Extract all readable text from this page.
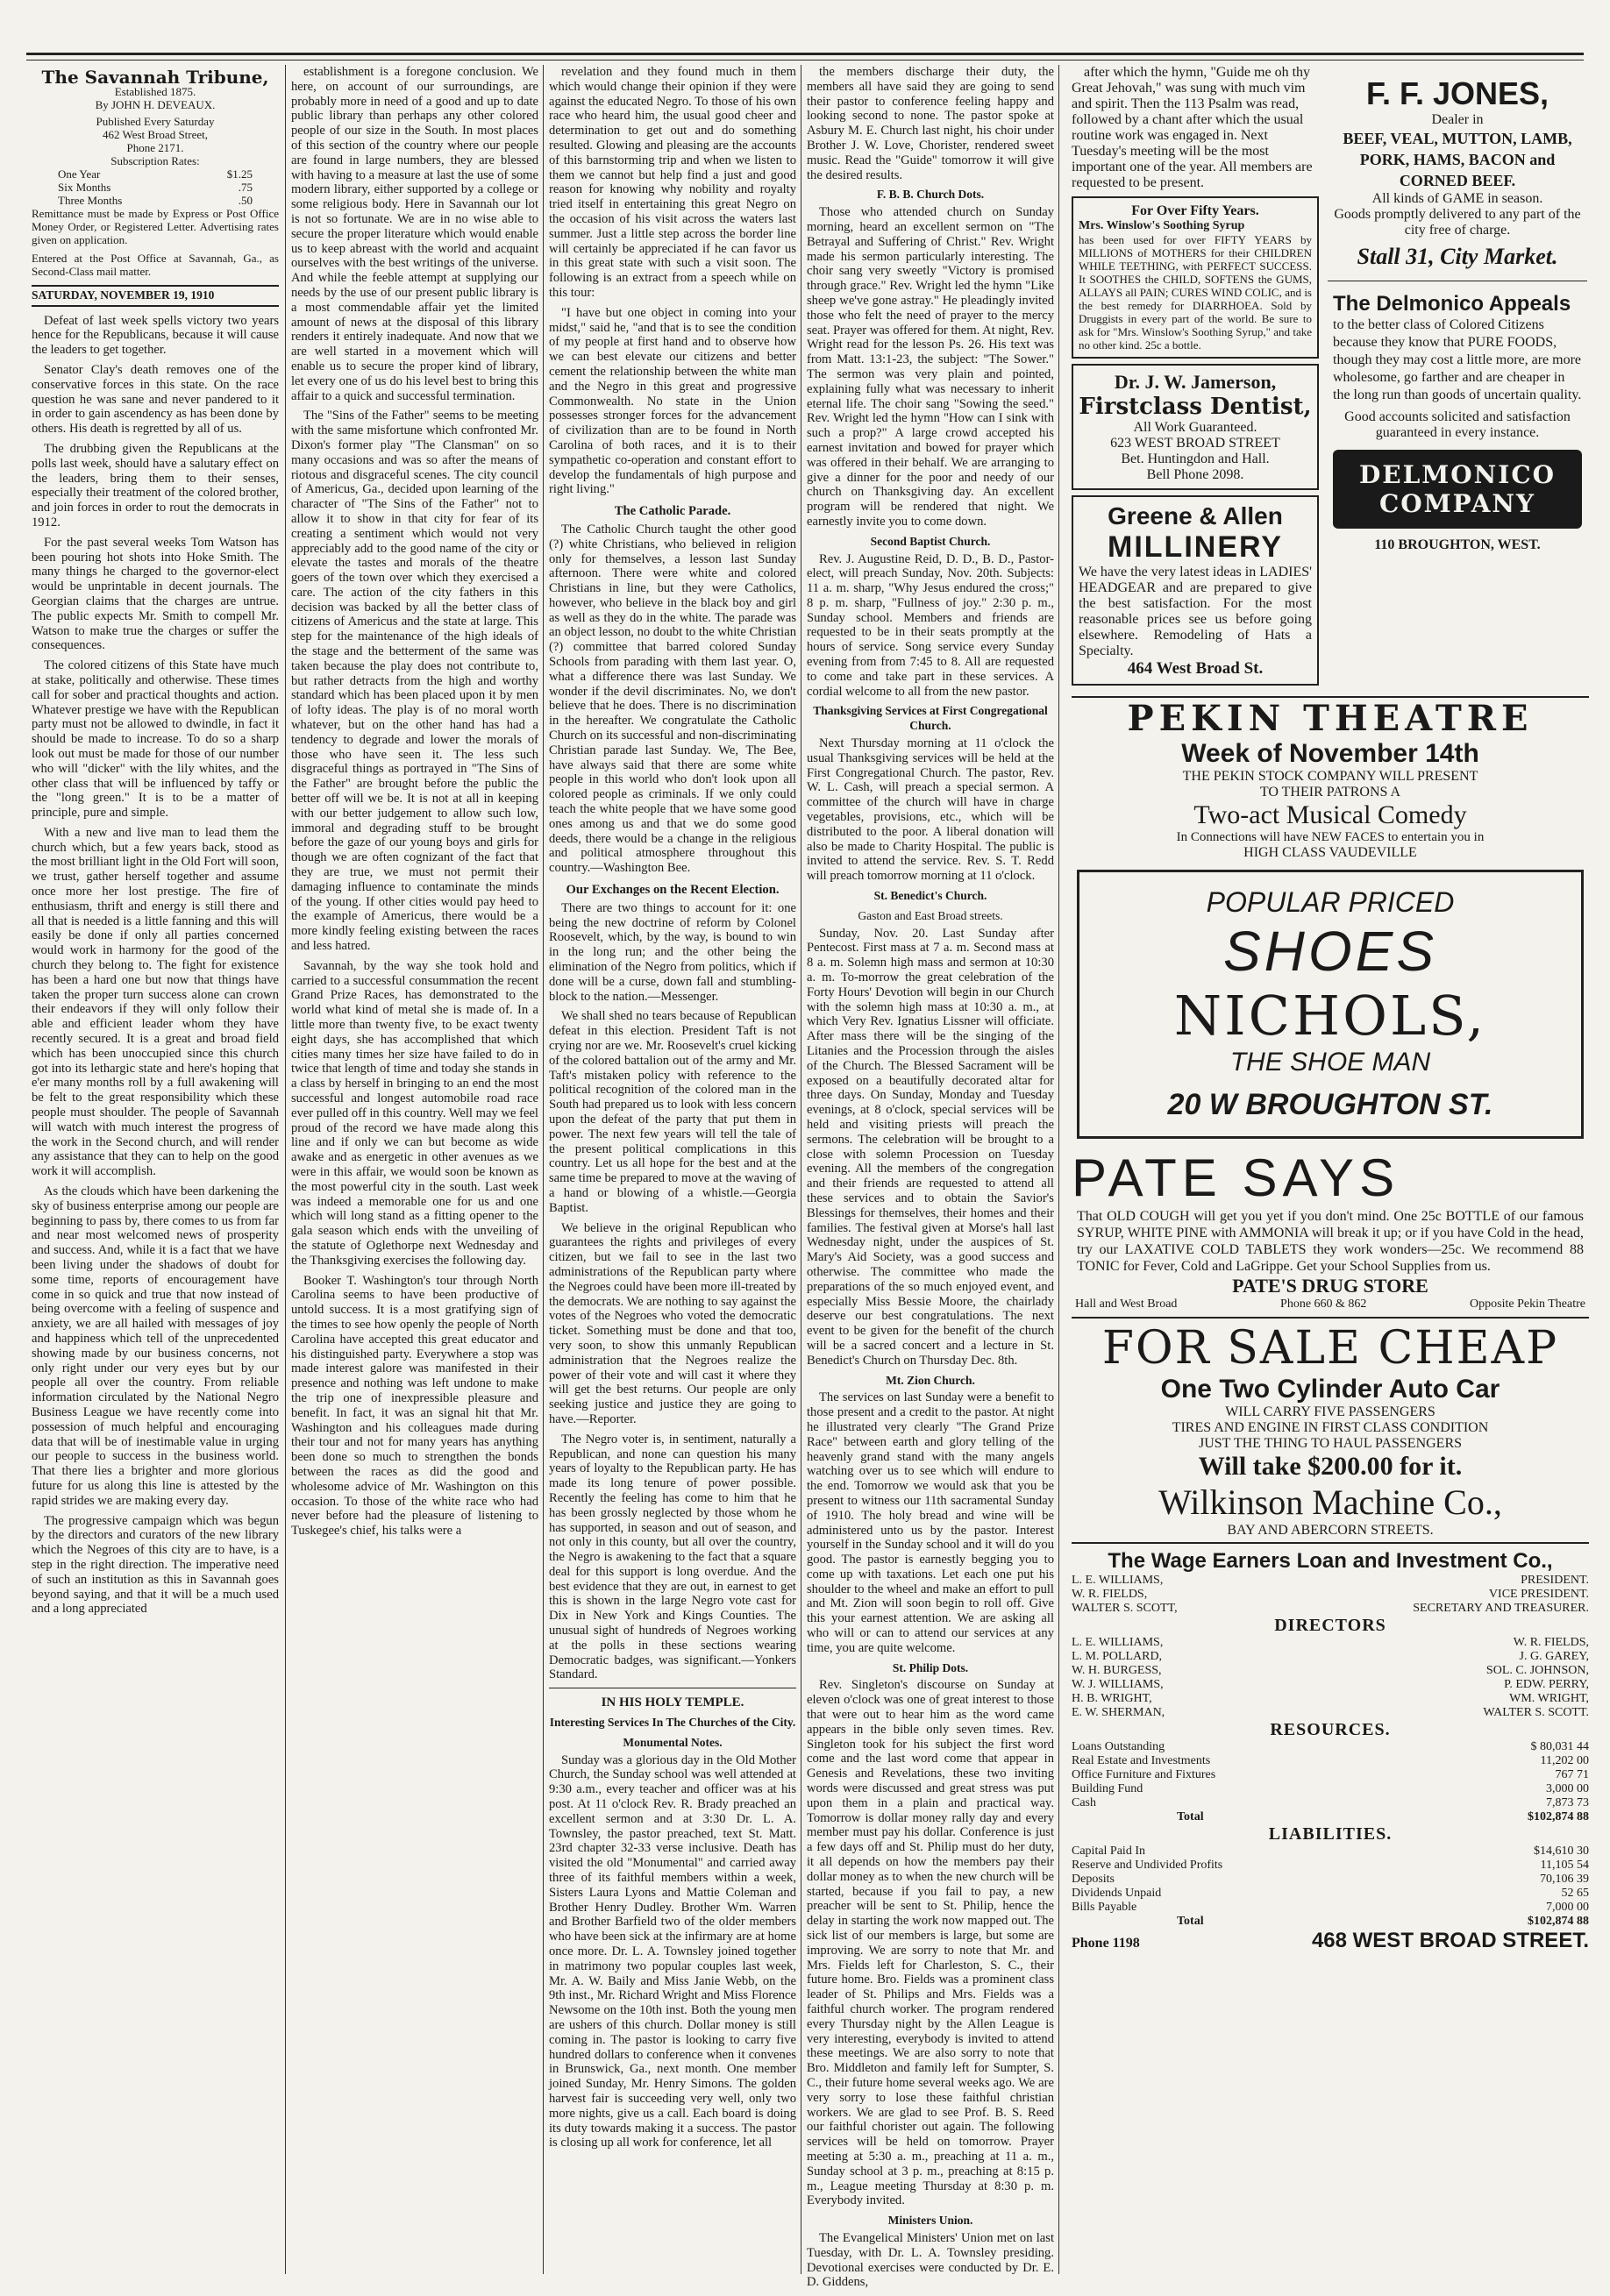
The Savannah Tribune,
Established 1875.
By JOHN H. DEVEAUX.
Published Every Saturday
462 West Broad Street,
Phone 2171.
Subscription Rates:
One Year	$1.25
Six Months	.75
Three Months	.50
Remittance must be made by Express or Post Office Money Order, or Registered Letter. Advertising rates given on application.
Entered at the Post Office at Savannah, Ga., as Second-Class mail matter.
SATURDAY, NOVEMBER 19, 1910

Defeat of last week spells victory two years hence for the Republicans, because it will cause the leaders to get together.

Senator Clay's death removes one of the conservative forces in this state. On the race question he was sane and never pandered to it in order to gain ascendency as has been done by others. His death is regretted by all of us.

The drubbing given the Republicans at the polls last week, should have a salutary effect on the leaders, bring them to their senses, especially their treatment of the colored brother, and join forces in order to rout the democrats in 1912.

For the past several weeks Tom Watson has been pouring hot shots into Hoke Smith. The many things he charged to the governor-elect would be unprintable in decent journals. The Georgian claims that the charges are untrue. The public expects Mr. Smith to compell Mr. Watson to make true the charges or suffer the consequences.

The colored citizens of this State have much at stake, politically and otherwise. These times call for sober and practical thoughts and action. Whatever prestige we have with the Republican party must not be allowed to dwindle, in fact it should be made to increase. To do so a sharp look out must be made for those of our number who will "dicker" with the lily whites, and the other class that will be influenced by taffy or the "long green." It is to be a matter of principle, pure and simple.

With a new and live man to lead them the church which, but a few years back, stood as the most brilliant light in the Old Fort will soon, we trust, gather herself together and assume once more her lost prestige. The fire of enthusiasm, thrift and energy is still there and all that is needed is a little fanning and this will easily be done if only all parties concerned would work in harmony for the good of the church they belong to. The fight for existence has been a hard one but now that things have taken the proper turn success alone can crown their endeavors if they will only follow their able and efficient leader whom they have recently secured. It is a great and broad field which has been unoccupied since this church got into its lethargic state and here's hoping that e'er many months roll by a full awakening will be felt to the great responsibility which these people must shoulder. The people of Savannah will watch with much interest the progress of the work in the Second church, and will render any assistance that they can to help on the good work it will accomplish.

As the clouds which have been darkening the sky of business enterprise among our people are beginning to pass by, there comes to us from far and near most welcomed news of prosperity and success. And, while it is a fact that we have been living under the shadows of doubt for some time, reports of encouragement have come in so quick and true that now instead of being overcome with a feeling of suspence and anxiety, we are all hailed with messages of joy and happiness which tell of the unprecedented showing made by our business concerns, not only right under our very eyes but by our people all over the country. From reliable information circulated by the National Negro Business League we have recently come into possession of much helpful and encouraging data that will be of inestimable value in urging our people to success in the business world. That there lies a brighter and more glorious future for us along this line is attested by the rapid strides we are making every day.

The progressive campaign which was begun by the directors and curators of the new library which the Negroes of this city are to have, is a step in the right direction. The imperative need of such an institution as this in Savannah goes beyond saying, and that it will be a much used and a long appreciated

establishment is a foregone conclusion. We here, on account of our surroundings, are probably more in need of a good and up to date public library than perhaps any other colored people of our size in the South. In most places of this section of the country where our people are found in large numbers, they are blessed with having to a measure at last the use of some modern library, either supported by a college or some religious body. Here in Savannah our lot is not so fortunate. We are in no wise able to secure the proper literature which would enable us to keep abreast with the world and acquaint ourselves with the best writings of the universe. And while the feeble attempt at supplying our needs by the use of our present public library is a most commendable affair yet the limited amount of news at the disposal of this library renders it entirely inadequate. And now that we are well started in a movement which will enable us to secure the proper kind of library, let every one of us do his level best to bring this affair to a quick and successful termination.

The "Sins of the Father" seems to be meeting with the same misfortune which confronted Mr. Dixon's former play "The Clansman" on so many occasions and was so after the means of riotous and disgraceful scenes. The city council of Americus, Ga., decided upon learning of the character of "The Sins of the Father" not to allow it to show in that city for fear of its creating a sentiment which would not very appreciably add to the good name of the city or elevate the tastes and morals of the theatre goers of the town over which they exercised a care. The action of the city fathers in this decision was backed by all the better class of citizens of Americus and the state at large. This step for the maintenance of the high ideals of the stage and the betterment of the same was taken because the play does not contribute to, but rather detracts from the high and worthy standard which has been placed upon it by men of lofty ideas. The play is of no moral worth whatever, but on the other hand has had a tendency to degrade and lower the morals of those who have seen it. The less such disgraceful things as portrayed in "The Sins of the Father" are brought before the public the better off will we be. It is not at all in keeping with our better judgement to allow such low, immoral and degrading stuff to be brought before the gaze of our young boys and girls for though we are often cognizant of the fact that they are true, we must not permit their damaging influence to contaminate the minds of the young. If other cities would pay heed to the example of Americus, there would be a more kindly feeling existing between the races and less hatred.

Savannah, by the way she took hold and carried to a successful consummation the recent Grand Prize Races, has demonstrated to the world what kind of metal she is made of. In a little more than twenty five, to be exact twenty eight days, she has accomplished that which cities many times her size have failed to do in twice that length of time and today she stands in a class by herself in bringing to an end the most successful and longest automobile road race ever pulled off in this country. Well may we feel proud of the record we have made along this line and if only we can but become as wide awake and as energetic in other avenues as we were in this affair, we would soon be known as the most powerful city in the south. Last week was indeed a memorable one for us and one which will long stand as a fitting opener to the gala season which ends with the unveiling of the statute of Oglethorpe next Wednesday and the Thanksgiving exercises the following day.

Booker T. Washington's tour through North Carolina seems to have been productive of untold success. It is a most gratifying sign of the times to see how openly the people of North Carolina have accepted this great educator and his distinguished party. Everywhere a stop was made interest galore was manifested in their presence and nothing was left undone to make the trip one of inexpressible pleasure and benefit. In fact, it was an signal hit that Mr. Washington and his colleagues made during their tour and not for many years has anything been done so much to strengthen the bonds between the races as did the good and wholesome advice of Mr. Washington on this occasion. To those of the white race who had never before had the pleasure of listening to Tuskegee's chief, his talks were a

revelation and they found much in them which would change their opinion if they were against the educated Negro. To those of his own race who heard him, the usual good cheer and determination to get out and do something resulted. Glowing and pleasing are the accounts of this barnstorming trip and when we listen to them we cannot but help find a just and good reason for knowing why nobility and royalty tried itself in entertaining this great Negro on the occasion of his visit across the waters last summer. Just a little step across the border line will certainly be appreciated if he can favor us in this great state with such a visit soon. The following is an extract from a speech while on this tour:

"I have but one object in coming into your midst," said he, "and that is to see the condition of my people at first hand and to observe how we can best elevate our citizens and better cement the relationship between the white man and the Negro in this great and progressive Commonwealth. No state in the Union possesses stronger forces for the advancement of civilization than are to be found in North Carolina of both races, and it is to their sympathetic co-operation and constant effort to develop the fundamentals of high purpose and right living."

The Catholic Parade.

The Catholic Church taught the other good (?) white Christians, who believed in religion only for themselves, a lesson last Sunday afternoon. There were white and colored Christians in line, but they were Catholics, however, who believe in the black boy and girl as well as they do in the white. The parade was an object lesson, no doubt to the white Christian (?) committee that barred colored Sunday Schools from parading with them last year. O, what a difference there was last Sunday. We wonder if the devil discriminates. No, we don't believe that he does. There is no discrimination in the hereafter. We congratulate the Catholic Church on its successful and non-discriminating Christian parade last Sunday. We, The Bee, have always said that there are some white people in this world who don't look upon all colored people as criminals. If we only could teach the white people that we have some good ones among us and that we do some good deeds, there would be a change in the religious and political atmosphere throughout this country.—Washington Bee.

Our Exchanges on the Recent Election.

There are two things to account for it: one being the new doctrine of reform by Colonel Roosevelt, which, by the way, is bound to win in the long run; and the other being the elimination of the Negro from politics, which if done will be a curse, down fall and stumbling-block to the nation.—Messenger.

We shall shed no tears because of Republican defeat in this election. President Taft is not crying nor are we. Mr. Roosevelt's cruel kicking of the colored battalion out of the army and Mr. Taft's mistaken policy with reference to the political recognition of the colored man in the South had prepared us to look with less concern upon the defeat of the party that put them in power. The next few years will tell the tale of the present political complications in this country. Let us all hope for the best and at the same time be prepared to move at the waving of a hand or blowing of a whistle.—Georgia Baptist.

We believe in the original Republican who guarantees the rights and privileges of every citizen, but we fail to see in the last two administrations of the Republican party where the Negroes could have been more ill-treated by the democrats. We are nothing to say against the votes of the Negroes who voted the democratic ticket. Something must be done and that too, very soon, to show this unmanly Republican administration that the Negroes realize the power of their vote and will cast it where they will get the best returns. Our people are only seeking justice and justice they are going to have.—Reporter.

The Negro voter is, in sentiment, naturally a Republican, and none can question his many years of loyalty to the Republican party. He has made its long tenure of power possible. Recently the feeling has come to him that he has been grossly neglected by those whom he has supported, in season and out of season, and not only in this county, but all over the country, the Negro is awakening to the fact that a square deal for this support is long overdue. And the best evidence that they are out, in earnest to get this is shown in the large Negro vote cast for Dix in New York and Kings Counties. The unusual sight of hundreds of Negroes working at the polls in these sections wearing Democratic badges, was significant.—Yonkers Standard.

IN HIS HOLY TEMPLE.
Interesting Services In The Churches of the City.
Monumental Notes.

Sunday was a glorious day in the Old Mother Church, the Sunday school was well attended at 9:30 a.m., every teacher and officer was at his post. At 11 o'clock Rev. R. Brady preached an excellent sermon and at 3:30 Dr. L. A. Townsley, the pastor preached, text St. Matt. 23rd chapter 32-33 verse inclusive. Death has visited the old "Monumental" and carried away three of its faithful members within a week, Sisters Laura Lyons and Mattie Coleman and Brother Henry Dudley. Brother Wm. Warren and Brother Barfield two of the older members who have been sick at the infirmary are at home once more. Dr. L. A. Townsley joined together in matrimony two popular couples last week, Mr. A. W. Baily and Miss Janie Webb, on the 9th inst., Mr. Richard Wright and Miss Florence Newsome on the 10th inst. Both the young men are ushers of this church. Dollar money is still coming in. The pastor is looking to carry five hundred dollars to conference when it convenes in Brunswick, Ga., next month. One member joined Sunday, Mr. Henry Simons. The golden harvest fair is succeeding very well, only two more nights, give us a call. Each board is doing its duty towards making it a success. The pastor is closing up all work for conference, let all

the members discharge their duty, the members all have said they are going to send their pastor to conference feeling happy and looking second to none. The pastor spoke at Asbury M. E. Church last night, his choir under Brother J. W. Love, Chorister, rendered sweet music. Read the "Guide" tomorrow it will give the desired results.

F. B. B. Church Dots.

Those who attended church on Sunday morning, heard an excellent sermon on "The Betrayal and Suffering of Christ." Rev. Wright made his sermon particularly interesting. The choir sang very sweetly "Victory is promised through grace." Rev. Wright led the hymn "Like sheep we've gone astray." He pleadingly invited those who felt the need of prayer to the mercy seat. Prayer was offered for them. At night, Rev. Wright read for the lesson Ps. 26. His text was from Matt. 13:1-23, the subject: "The Sower." The sermon was very plain and pointed, explaining fully what was necessary to inherit eternal life. The choir sang "Sowing the seed." Rev. Wright led the hymn "How can I sink with such a prop?" A large crowd accepted his earnest invitation and bowed for prayer which was offered in their behalf. We are arranging to give a dinner for the poor and needy of our church on Thanksgiving day. An excellent program will be rendered that night. We earnestly invite you to come down.

Second Baptist Church.

Rev. J. Augustine Reid, D. D., B. D., Pastor-elect, will preach Sunday, Nov. 20th. Subjects: 11 a. m. sharp, "Why Jesus endured the cross;" 8 p. m. sharp, "Fullness of joy." 2:30 p. m., Sunday school. Members and friends are requested to be in their seats promptly at the hours of service. Song service every Sunday evening from from 7:45 to 8. All are requested to come and take part in these services. A cordial welcome to all from the new pastor.

Thanksgiving Services at First Congregational Church.

Next Thursday morning at 11 o'clock the usual Thanksgiving services will be held at the First Congregational Church. The pastor, Rev. W. L. Cash, will preach a special sermon. A committee of the church will have in charge vegetables, provisions, etc., which will be distributed to the poor. A liberal donation will also be made to Charity Hospital. The public is invited to attend the service. Rev. S. T. Redd will preach tomorrow morning at 11 o'clock.

St. Benedict's Church.
Gaston and East Broad streets.

Sunday, Nov. 20. Last Sunday after Pentecost. First mass at 7 a. m. Second mass at 8 a. m. Solemn high mass and sermon at 10:30 a. m. To-morrow the great celebration of the Forty Hours' Devotion will begin in our Church with the solemn high mass at 10:30 a. m., at which Very Rev. Ignatius Lissner will officiate. After mass there will be the singing of the Litanies and the Procession through the aisles of the Church. The Blessed Sacrament will be exposed on a beautifully decorated altar for three days. On Sunday, Monday and Tuesday evenings, at 8 o'clock, special services will be held and visiting priests will preach the sermons. The celebration will be brought to a close with solemn Procession on Tuesday evening. All the members of the congregation and their friends are requested to attend all these services and to obtain the Savior's Blessings for themselves, their homes and their families. The festival given at Morse's hall last Wednesday night, under the auspices of St. Mary's Aid Society, was a good success and otherwise. The committee who made the preparations of the so much enjoyed event, and especially Miss Bessie Moore, the chairlady deserve our best congratulations. The next event to be given for the benefit of the church will be a sacred concert and a lecture in St. Benedict's Church on Thursday Dec. 8th.

Mt. Zion Church.

The services on last Sunday were a benefit to those present and a credit to the pastor. At night he illustrated very clearly "The Grand Prize Race" between earth and glory telling of the heavenly grand stand with the many angels watching over us to see which will endure to the end. Tomorrow we would ask that you be present to witness our 11th sacramental Sunday of 1910. The holy bread and wine will be administered unto us by the pastor. Interest yourself in the Sunday school and it will do you good. The pastor is earnestly begging you to come up with taxations. Let each one put his shoulder to the wheel and make an effort to pull and Mt. Zion will soon begin to roll off. Give this your earnest attention. We are asking all who will or can to attend our services at any time, you are quite welcome.

St. Philip Dots.

Rev. Singleton's discourse on Sunday at eleven o'clock was one of great interest to those that were out to hear him as the word came appears in the bible only seven times. Rev. Singleton took for his subject the first word come and the last word come that appear in Genesis and Revelations, these two inviting words were discussed and great stress was put upon them in a plain and practical way. Tomorrow is dollar money rally day and every member must pay his dollar. Conference is just a few days off and St. Philip must do her duty, it all depends on how the members pay their dollar money as to when the new church will be started, because if you fail to pay, a new preacher will be sent to St. Philip, hence the delay in starting the work now mapped out. The sick list of our members is large, but some are improving. We are sorry to note that Mr. and Mrs. Fields left for Charleston, S. C., their future home. Bro. Fields was a prominent class leader of St. Philips and Mrs. Fields was a faithful church worker. The program rendered every Thursday night by the Allen League is very interesting, everybody is invited to attend these meetings. We are also sorry to note that Bro. Middleton and family left for Sumpter, S. C., their future home several weeks ago. We are very sorry to lose these faithful christian workers. We are glad to see Prof. B. S. Reed our faithful chorister out again. The following services will be held on tomorrow. Prayer meeting at 5:30 a. m., preaching at 11 a. m., Sunday school at 3 p. m., preaching at 8:15 p. m., League meeting Thursday at 8:30 p. m. Everybody invited.

Ministers Union.

The Evangelical Ministers' Union met on last Tuesday, with Dr. L. A. Townsley presiding. Devotional exercises were conducted by Dr. E. D. Giddens,

after which the hymn, "Guide me oh thy Great Jehovah," was sung with much vim and spirit. Then the 113 Psalm was read, followed by a chant after which the usual routine work was engaged in. Next Tuesday's meeting will be the most important one of the year. All members are requested to be present.

For Over Fifty Years.
Mrs. Winslow's Soothing Syrup
has been used for over FIFTY YEARS by MILLIONS of MOTHERS for their CHILDREN WHILE TEETHING, with PERFECT SUCCESS. It SOOTHES the CHILD, SOFTENS the GUMS, ALLAYS all PAIN; CURES WIND COLIC, and is the best remedy for DIARRHOEA. Sold by Druggists in every part of the world. Be sure to ask for "Mrs. Winslow's Soothing Syrup," and take no other kind. 25c a bottle.
Dr. J. W. Jamerson,
Firstclass Dentist,
All Work Guaranteed.
623 WEST BROAD STREET
Bet. Huntingdon and Hall.
Bell Phone 2098.
Greene & Allen
MILLINERY
We have the very latest ideas in LADIES' HEADGEAR and are prepared to give the best satisfaction. For the most reasonable prices see us before going elsewhere. Remodeling of Hats a Specialty.
464 West Broad St.
F. F. JONES,
Dealer in
BEEF, VEAL, MUTTON, LAMB, PORK, HAMS, BACON and CORNED BEEF.
All kinds of GAME in season.
Goods promptly delivered to any part of the city free of charge.
Stall 31, City Market.
The Delmonico Appeals
to the better class of Colored Citizens because they know that PURE FOODS, though they may cost a little more, are more wholesome, go farther and are cheaper in the long run than goods of uncertain quality.
Good accounts solicited and satisfaction guaranteed in every instance.
DELMONICO COMPANY
110 BROUGHTON, WEST.
PEKIN THEATRE
Week of November 14th
THE PEKIN STOCK COMPANY WILL PRESENT
TO THEIR PATRONS A
Two-act Musical Comedy
In Connections will have NEW FACES to entertain you in
HIGH CLASS VAUDEVILLE
POPULAR PRICED
SHOES
NICHOLS,
THE SHOE MAN
20 W BROUGHTON ST.
PATE SAYS
That OLD COUGH will get you yet if you don't mind. One 25c BOTTLE of our famous SYRUP, WHITE PINE with AMMONIA will break it up; or if you have Cold in the head, try our LAXATIVE COLD TABLETS they work wonders—25c. We recommend 88 TONIC for Fever, Cold and LaGrippe. Get your School Supplies from us.
PATE'S DRUG STORE
Hall and West Broad	Phone 660 & 862	Opposite Pekin Theatre
FOR SALE CHEAP
One Two Cylinder Auto Car
WILL CARRY FIVE PASSENGERS
TIRES AND ENGINE IN FIRST CLASS CONDITION
JUST THE THING TO HAUL PASSENGERS
Will take $200.00 for it.
Wilkinson Machine Co.,
BAY AND ABERCORN STREETS.
The Wage Earners Loan and Investment Co.,
L. E. WILLIAMS,	PRESIDENT.
W. R. FIELDS,	VICE PRESIDENT.
WALTER S. SCOTT,	SECRETARY AND TREASURER.
DIRECTORS
L. E. WILLIAMS,	W. R. FIELDS,
L. M. POLLARD,	J. G. GAREY,
W. H. BURGESS,	SOL. C. JOHNSON,
W. J. WILLIAMS,	P. EDW. PERRY,
H. B. WRIGHT,	WM. WRIGHT,
E. W. SHERMAN,	WALTER S. SCOTT.
RESOURCES.
Loans Outstanding	$ 80,031 44
Real Estate and Investments	11,202 00
Office Furniture and Fixtures	767 71
Building Fund	3,000 00
Cash	7,873 73
Total	$102,874 88
LIABILITIES.
Capital Paid In	$14,610 30
Reserve and Undivided Profits	11,105 54
Deposits	70,106 39
Dividends Unpaid	52 65
Bills Payable	7,000 00
Total	$102,874 88
Phone 1198	468 WEST BROAD STREET.
